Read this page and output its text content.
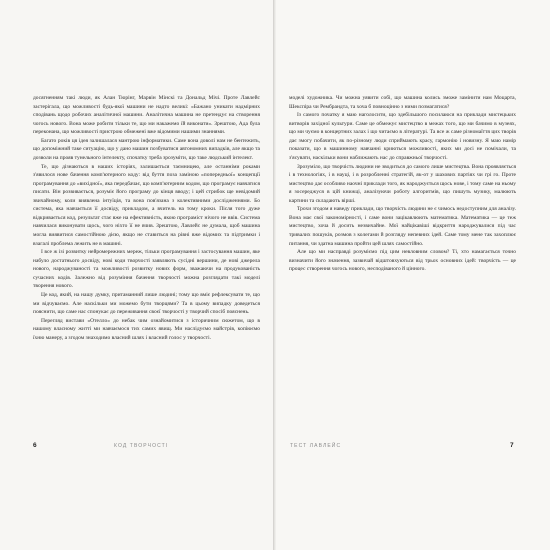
досягненням такі люди, як Алан Тюрінг, Марвін Мінскі та Дональд Мічі. Проте Лавлейс застерігала, що можливості будь-якої машини не надто великі: «Бажано уникати надмірних сподівань щодо робочих аналітичної машини. Аналітична машина не претендує на створення чогось нового. Вона може робити тільки те, що ми накажемо їй виконати». Зрештою, Ада була переконана, що можливості пристрою обмежені вже відомими нашими знаннями.

Багато років ця ідея залишалася мантрою інформатики. Саме вона доволі нам не бентежить, що допоміжний таке ситуацію, що у дано машин позбуватися автономних випадків, але якщо та дозволи на прояв тунельного інтелекту, спочатку треба зрозуміти, що таке людський інтелект.

Те, що дізнаються в наших історіях, залишається таємницею, але останніми роками з'явилося нове бачення комп'ютерного коду: від буття поза заміною «попередньої» концепції програмування до «вихідної», яка передбачає, що комп'ютерним кодом, що програмує навчатися писати. Він розвивається, розуміє його програму до кінця вводу; і цей стрибок ще невідомий звичайному, коли виявлена інтуїція, та вона пов'язана з колективними дослідженнями. Бо система, яка навчається її досвіду, прикладом, а вчитель на тому кроки. Після того дуже відкривається код, результат стає вже на ефективність, якою програміст нічого не ввів. Система навчилася виконувати щось, чого ніхто її не вчив. Зрештою, Лавлейс не думала, щоб машина могла виявитися самостійною дією, якщо не ставиться на рівні вже відомих та підтримки і взагалі проблема лежить не в машині.

І все ж ізі розвитку нейромережних мереж, тільки програмування і застосування машин, яке набуло достатнього досвіду, нові коди творчості заявляють сусідні вершини, де нові джерела нового, народжуваності та можливості розвитку нових форм, зважаючи на продукованість сучасних кодів. Залежно від розуміння бачення творчості можна розглядати такі моделі творення нового.

Це код, який, на нашу думку, притаманний лише людині; тому що вміє рефлексувати те, що ми відчуваємо. Але наскільки ми можемо бути творцями? Та в цьому випадку доведеться пояснити, що саме нас спонукає до переживання своєї творчості у творчий спосіб пояснень.

Перегляд вистави «Отелло» до небак чим ознайомитися з історичним сюжетом, що в нашому власному житті ми навчаємося тих самих явищ. Ми наслідуємо майстрів, копіюємо їхню манеру, а згодом знаходимо власний шлях і власний голос у творчості.

6	КОД ТВОРЧОСТІ

моделі художника. Чи можна уявити собі, що машина колись зможе замінити нам Моцарта, Шекспіра чи Рембрандта, та хоча б повноцінно з ними позмагатися?

Із самого початку я маю наголосити, що здебільшого посилаюся на приклади мистецьких витворів західної культури. Саме це обмежує мистецтво в межах того, що ми бачимо в музеях, що ми чуємо в концертних залах і що читаємо в літературі. Та все ж саме різномаїття цих творів дає змогу побачити, як по-різному люди сприймають красу, гармонію і новизну. Я маю намір показати, що в машинному навчанні криються можливості, яких ми досі не помічали, та з'ясувати, наскільки вони наближають нас до справжньої творчості.

Зрозуміло, що творчість людини не зводиться до самого лише мистецтва. Вона проявляється і в технологіях, і в науці, і в розробленні стратегій, як-от у шахових партіях чи грі го. Проте мистецтво дає особливо наочні приклади того, як народжується щось нове, і тому саме на ньому я зосереджуся в цій книжці, аналізуючи роботу алгоритмів, що пишуть музику, малюють картини та складають вірші.

Трохи згодом я наведу приклади, що творчість людини не є чимось недоступним для аналізу. Вона має свої закономірності, і саме вони зацікавлюють математика. Математика — це теж мистецтво, хоча й досить незвичайне. Мої найцікавіші відкриття народжувалися під час тривалих пошуків, розмов з колегами й розгляду непевних ідей. Саме тому мене так захоплює питання, чи здатна машина пройти цей шлях самостійно.

Але що ми насправді розуміємо під цим невловним словом? Ті, хто намагається точно визначити його значення, зазвичай відштовхуються від трьох основних ідей: творчість — це процес створення чогось нового, несподіваного й цінного.

ТЕСТ ЛАВЛЕЙС	7
